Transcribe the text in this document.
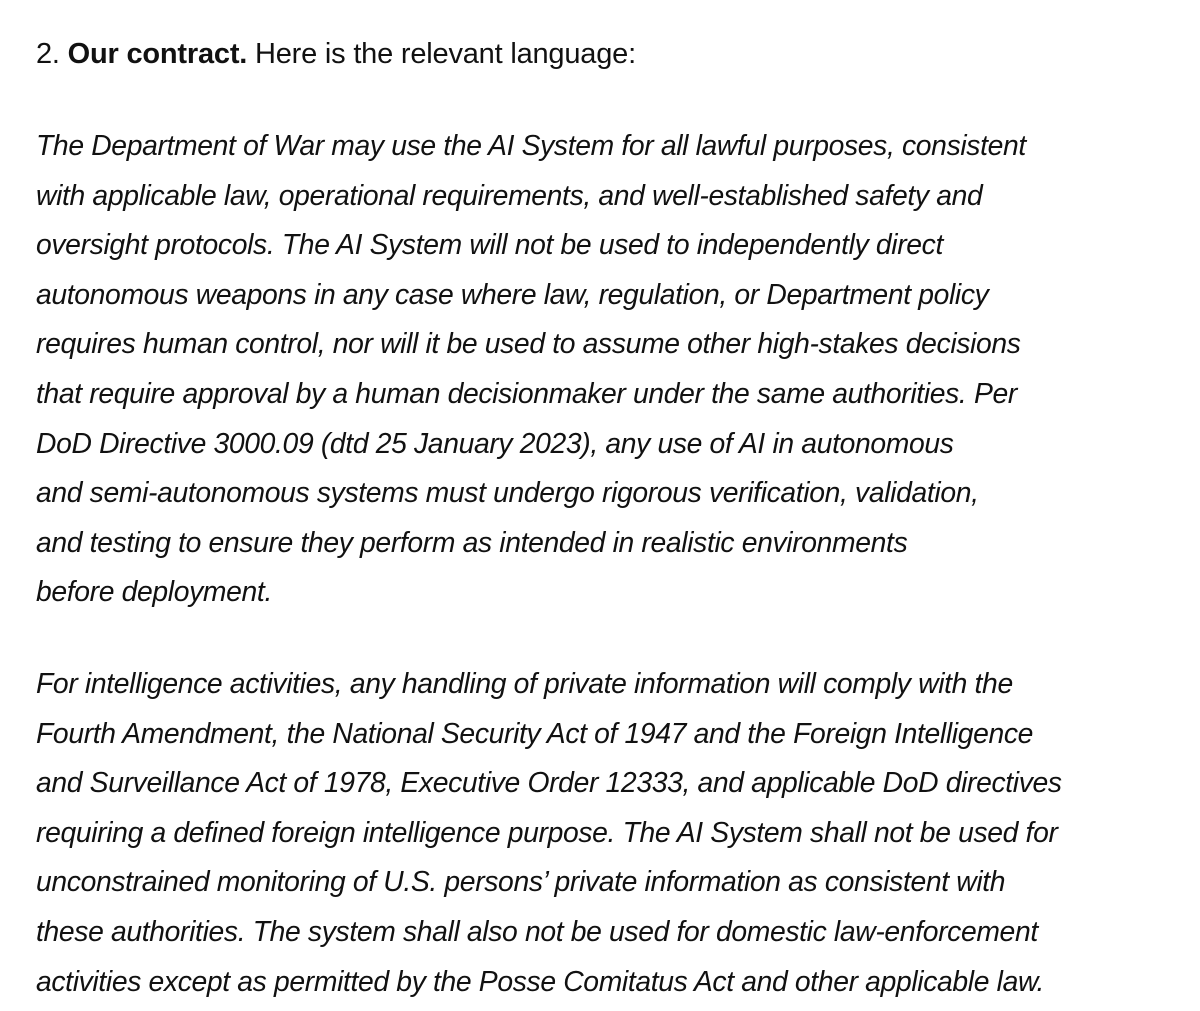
2. Our contract. Here is the relevant language:

The Department of War may use the AI System for all lawful purposes, consistent
with applicable law, operational requirements, and well-established safety and
oversight protocols. The AI System will not be used to independently direct
autonomous weapons in any case where law, regulation, or Department policy
requires human control, nor will it be used to assume other high-stakes decisions
that require approval by a human decisionmaker under the same authorities. Per
DoD Directive 3000.09 (dtd 25 January 2023), any use of AI in autonomous
and semi-autonomous systems must undergo rigorous verification, validation,
and testing to ensure they perform as intended in realistic environments
before deployment.

For intelligence activities, any handling of private information will comply with the
Fourth Amendment, the National Security Act of 1947 and the Foreign Intelligence
and Surveillance Act of 1978, Executive Order 12333, and applicable DoD directives
requiring a defined foreign intelligence purpose. The AI System shall not be used for
unconstrained monitoring of U.S. persons’ private information as consistent with
these authorities. The system shall also not be used for domestic law-enforcement
activities except as permitted by the Posse Comitatus Act and other applicable law.
